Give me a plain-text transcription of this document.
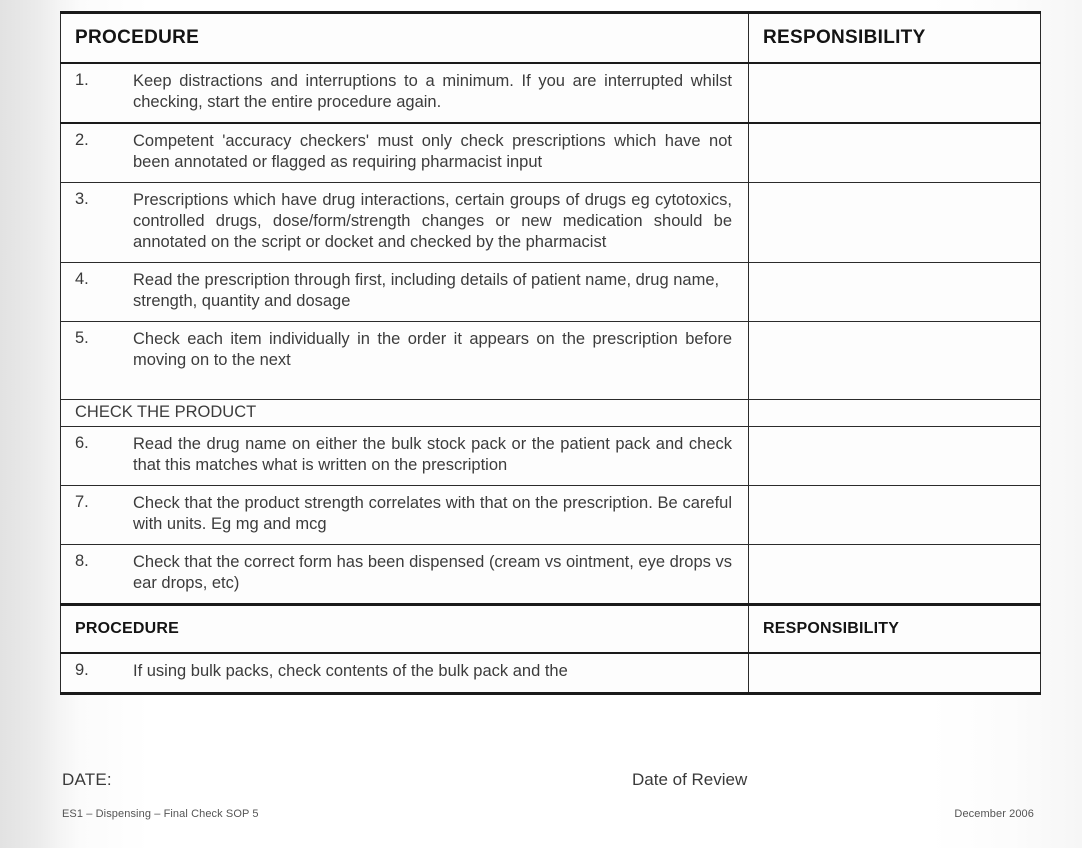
PROCEDURE	RESPONSIBILITY

1. Keep distractions and interruptions to a minimum. If you are interrupted whilst checking, start the entire procedure again.	

2. Competent 'accuracy checkers' must only check prescriptions which have not been annotated or flagged as requiring pharmacist input	

3. Prescriptions which have drug interactions, certain groups of drugs eg cytotoxics, controlled drugs, dose/form/strength changes or new medication should be annotated on the script or docket and checked by the pharmacist	

4. Read the prescription through first, including details of patient name, drug name, strength, quantity and dosage	

5. Check each item individually in the order it appears on the prescription before moving on to the next	

CHECK THE PRODUCT	

6. Read the drug name on either the bulk stock pack or the patient pack and check that this matches what is written on the prescription	

7. Check that the product strength correlates with that on the prescription. Be careful with units. Eg mg and mcg	

8. Check that the correct form has been dispensed (cream vs ointment, eye drops vs ear drops, etc)	

PROCEDURE	RESPONSIBILITY

9. If using bulk packs, check contents of the bulk pack and the	

DATE:	Date of Review
ES1 – Dispensing – Final Check SOP 5	December 2006
